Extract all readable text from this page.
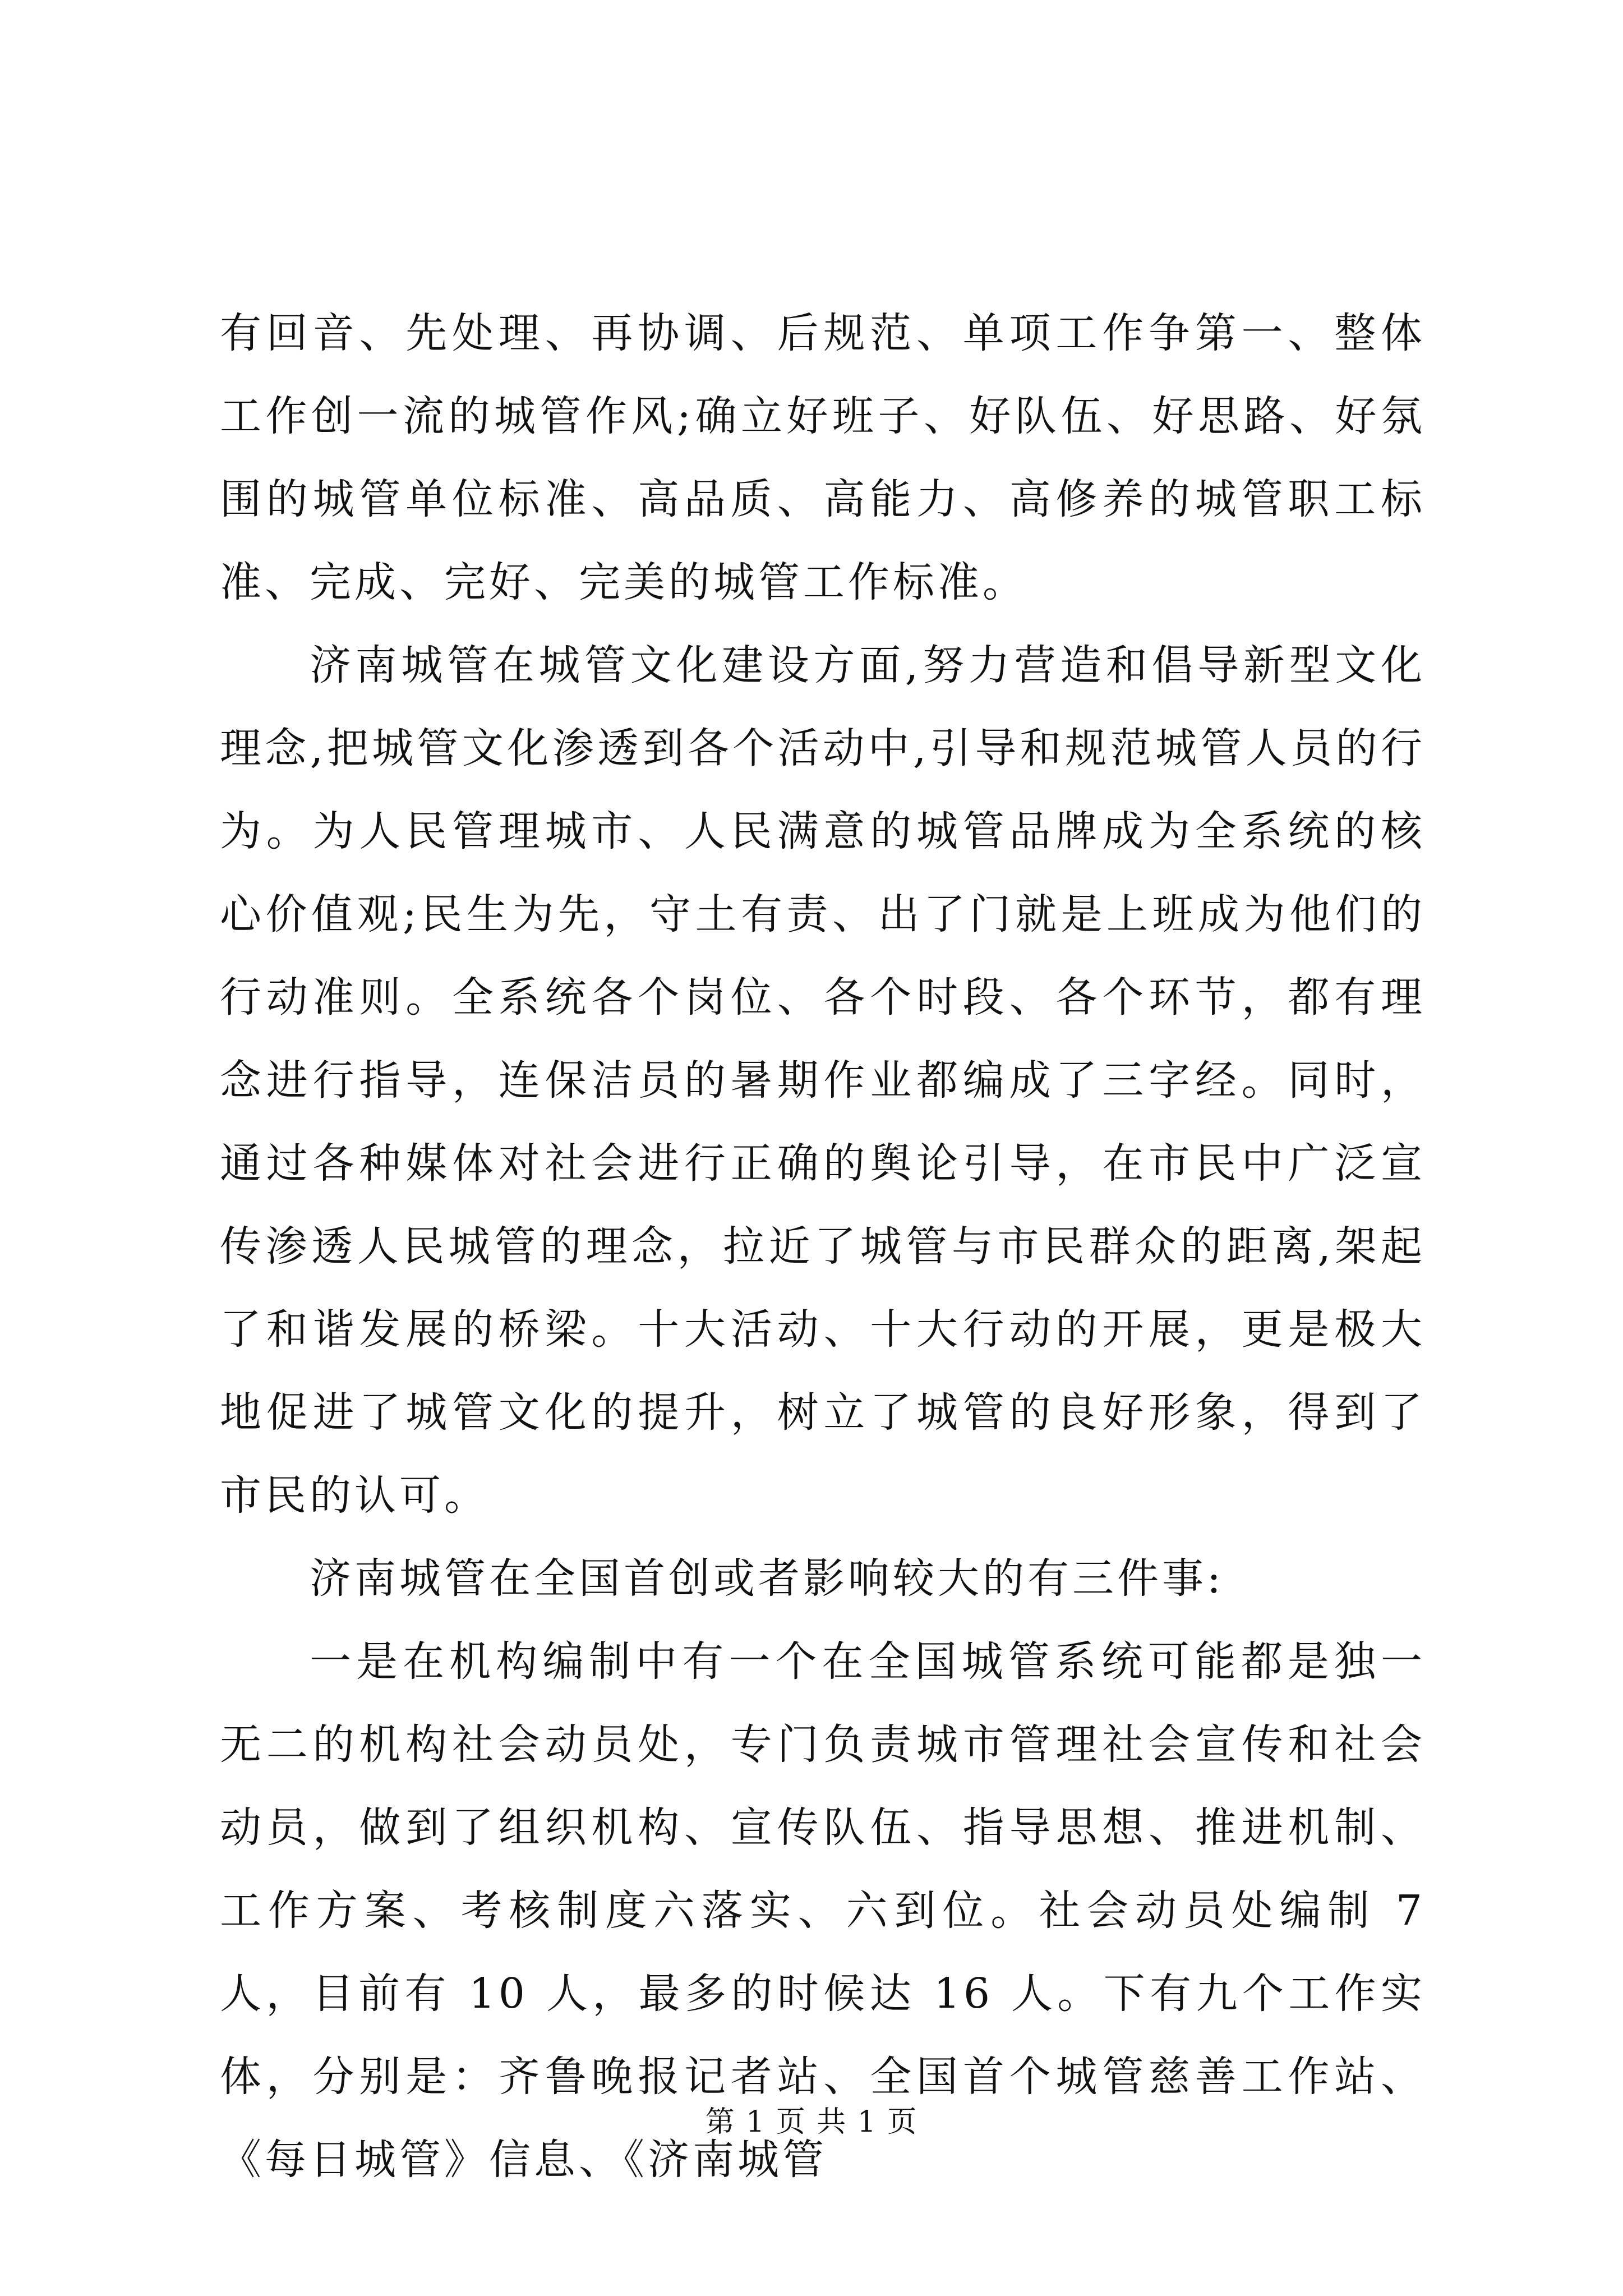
有回音、先处理、再协调、后规范、单项工作争第一、整体工作创一流的城管作风;确立好班子、好队伍、好思路、好氛围的城管单位标准、高品质、高能力、高修养的城管职工标准、完成、完好、完美的城管工作标准。

济南城管在城管文化建设方面,努力营造和倡导新型文化理念,把城管文化渗透到各个活动中,引导和规范城管人员的行为。为人民管理城市、人民满意的城管品牌成为全系统的核心价值观;民生为先，守土有责、出了门就是上班成为他们的行动准则。全系统各个岗位、各个时段、各个环节，都有理念进行指导，连保洁员的暑期作业都编成了三字经。同时，通过各种媒体对社会进行正确的舆论引导，在市民中广泛宣传渗透人民城管的理念，拉近了城管与市民群众的距离,架起了和谐发展的桥梁。十大活动、十大行动的开展，更是极大地促进了城管文化的提升，树立了城管的良好形象，得到了市民的认可。

济南城管在全国首创或者影响较大的有三件事:

一是在机构编制中有一个在全国城管系统可能都是独一无二的机构社会动员处，专门负责城市管理社会宣传和社会动员，做到了组织机构、宣传队伍、指导思想、推进机制、工作方案、考核制度六落实、六到位。社会动员处编制 7 人，目前有 10 人，最多的时候达 16 人。下有九个工作实体，分别是：齐鲁晚报记者站、全国首个城管慈善工作站、《每日城管》信息、《济南城管

第 1 页 共 1 页
